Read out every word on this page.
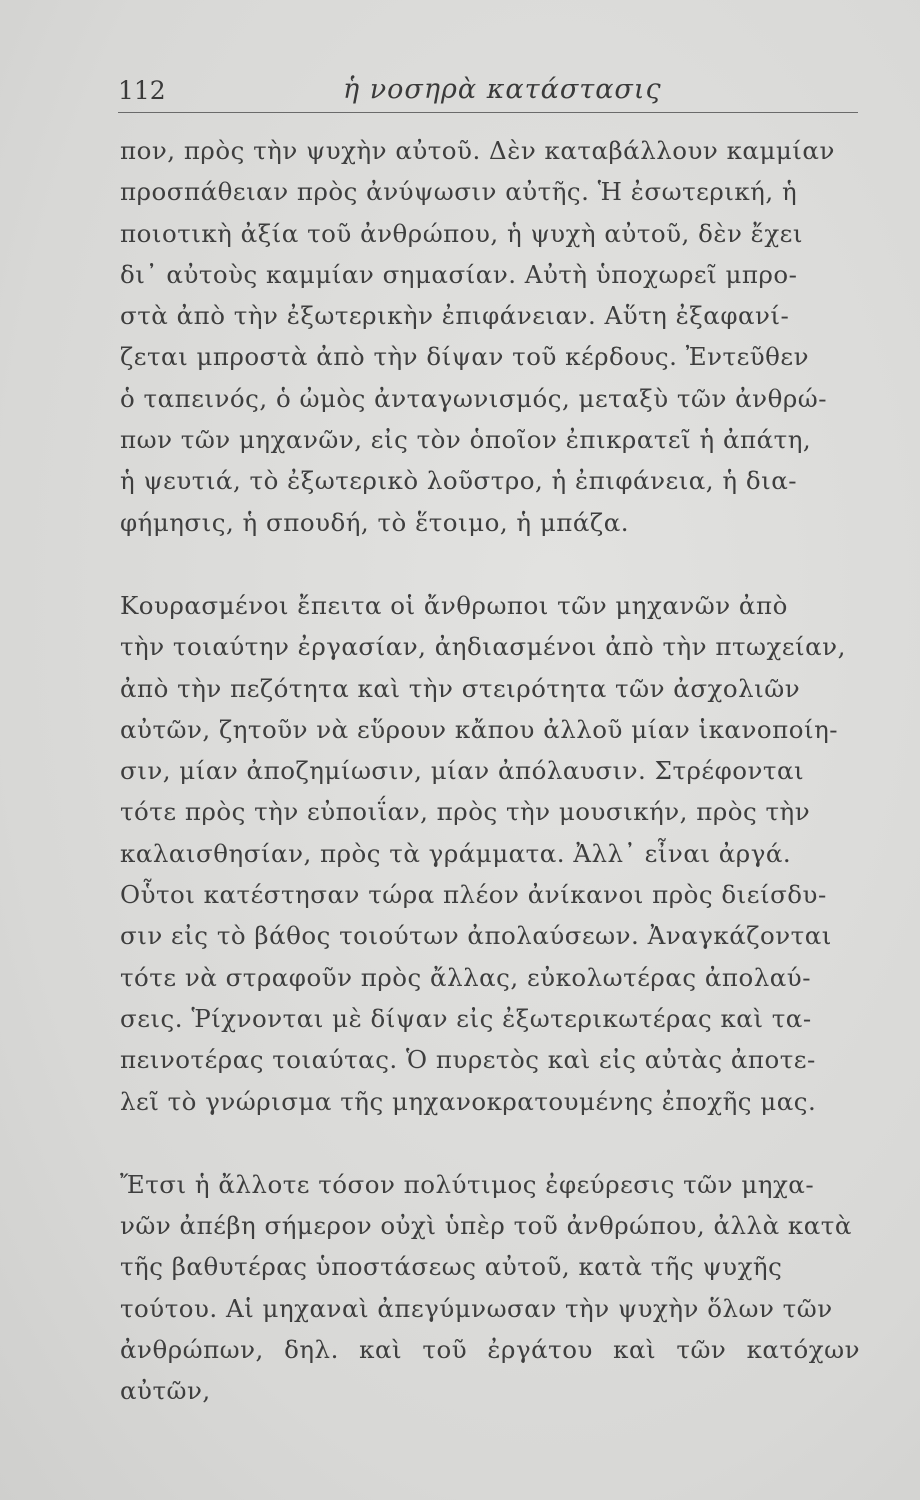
112	ἡ νοσηρὰ κατάστασις

πον, πρὸς τὴν ψυχὴν αὐτοῦ. Δὲν καταβάλλουν καμμίαν
προσπάθειαν πρὸς ἀνύψωσιν αὐτῆς. Ἡ ἐσωτερική, ἡ
ποιοτικὴ ἀξία τοῦ ἀνθρώπου, ἡ ψυχὴ αὐτοῦ, δὲν ἔχει
δι᾽ αὐτοὺς καμμίαν σημασίαν. Αὐτὴ ὑποχωρεῖ μπρο-
στὰ ἀπὸ τὴν ἐξωτερικὴν ἐπιφάνειαν. Αὕτη ἐξαφανί-
ζεται μπροστὰ ἀπὸ τὴν δίψαν τοῦ κέρδους. Ἐντεῦθεν
ὁ ταπεινός, ὁ ὠμὸς ἀνταγωνισμός, μεταξὺ τῶν ἀνθρώ-
πων τῶν μηχανῶν, εἰς τὸν ὁποῖον ἐπικρατεῖ ἡ ἀπάτη,
ἡ ψευτιά, τὸ ἐξωτερικὸ λοῦστρο, ἡ ἐπιφάνεια, ἡ δια-
φήμησις, ἡ σπουδή, τὸ ἕτοιμο, ἡ μπάζα.

Κουρασμένοι ἔπειτα οἱ ἄνθρωποι τῶν μηχανῶν ἀπὸ
τὴν τοιαύτην ἐργασίαν, ἀηδιασμένοι ἀπὸ τὴν πτωχείαν,
ἀπὸ τὴν πεζότητα καὶ τὴν στειρότητα τῶν ἀσχολιῶν
αὐτῶν, ζητοῦν νὰ εὕρουν κἄπου ἀλλοῦ μίαν ἱκανοποίη-
σιν, μίαν ἀποζημίωσιν, μίαν ἀπόλαυσιν. Στρέφονται
τότε πρὸς τὴν εὐποιΐαν, πρὸς τὴν μουσικήν, πρὸς τὴν
καλαισθησίαν, πρὸς τὰ γράμματα. Ἀλλ᾽ εἶναι ἀργά.
Οὗτοι κατέστησαν τώρα πλέον ἀνίκανοι πρὸς διείσδυ-
σιν εἰς τὸ βάθος τοιούτων ἀπολαύσεων. Ἀναγκάζονται
τότε νὰ στραφοῦν πρὸς ἄλλας, εὐκολωτέρας ἀπολαύ-
σεις. Ῥίχνονται μὲ δίψαν εἰς ἐξωτερικωτέρας καὶ τα-
πεινοτέρας τοιαύτας. Ὁ πυρετὸς καὶ εἰς αὐτὰς ἀποτε-
λεῖ τὸ γνώρισμα τῆς μηχανοκρατουμένης ἐποχῆς μας.

Ἔτσι ἡ ἄλλοτε τόσον πολύτιμος ἐφεύρεσις τῶν μηχα-
νῶν ἀπέβη σήμερον οὐχὶ ὑπὲρ τοῦ ἀνθρώπου, ἀλλὰ κατὰ
τῆς βαθυτέρας ὑποστάσεως αὐτοῦ, κατὰ τῆς ψυχῆς
τούτου. Αἱ μηχαναὶ ἀπεγύμνωσαν τὴν ψυχὴν ὅλων τῶν
ἀνθρώπων, δηλ. καὶ τοῦ ἐργάτου καὶ τῶν κατόχων αὐτῶν,
